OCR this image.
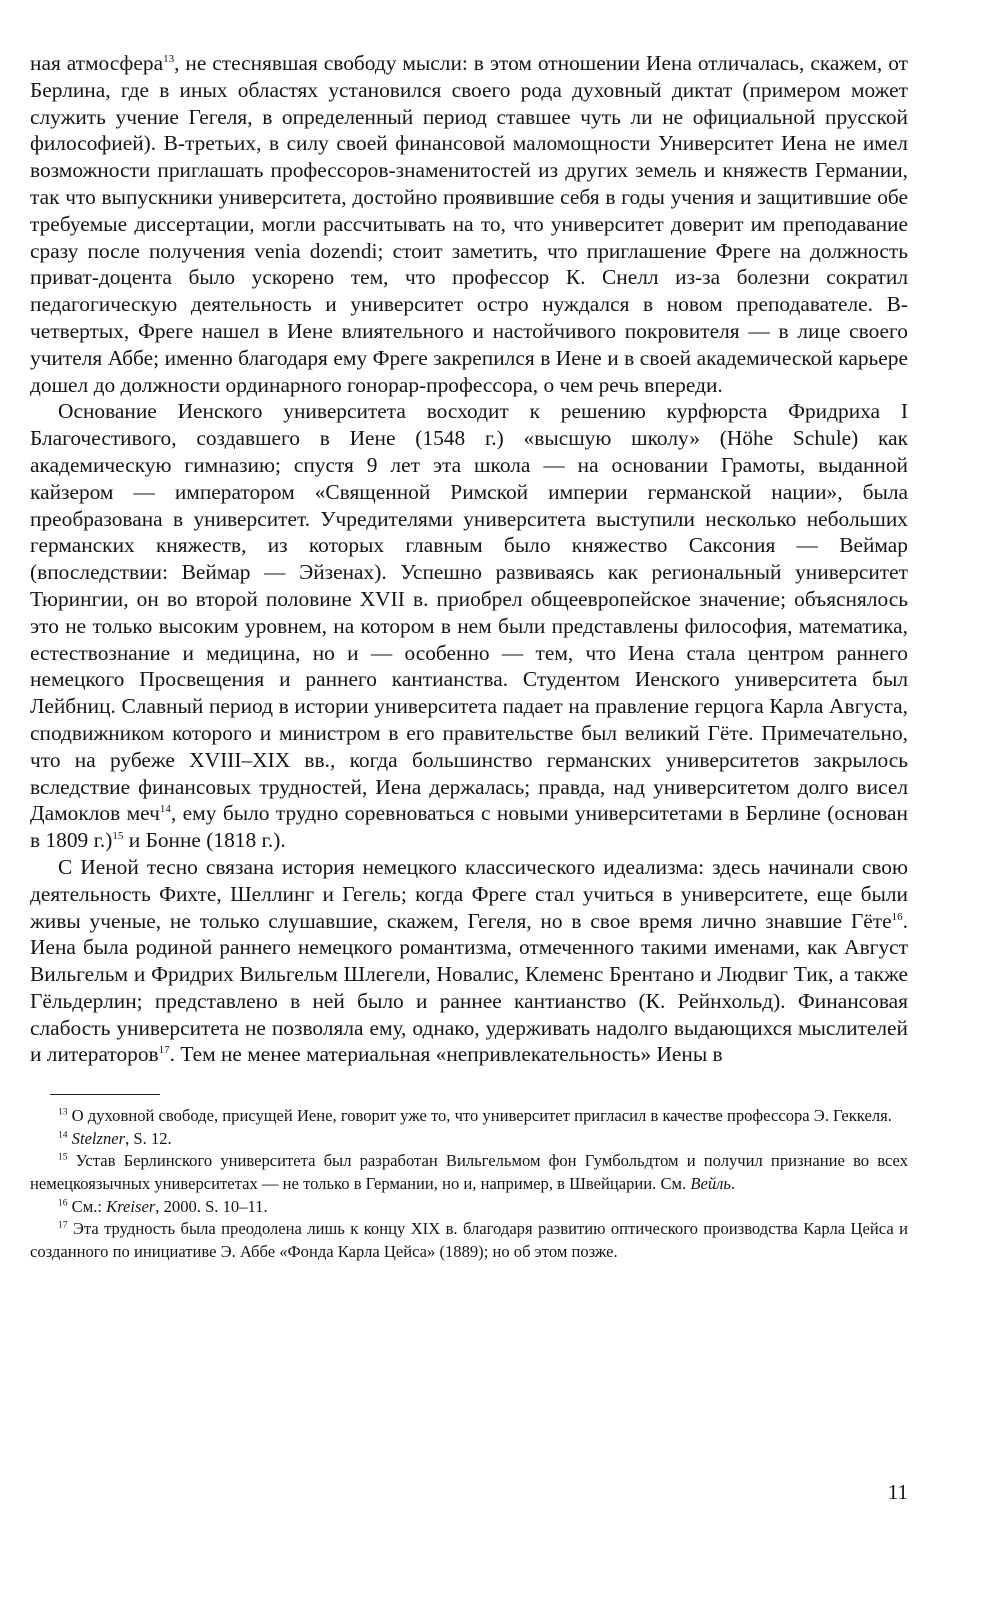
ная атмосфера$^{13}$, не стеснявшая свободу мысли: в этом отношении Иена отличалась, скажем, от Берлина, где в иных областях установился своего рода духовный диктат (примером может служить учение Гегеля, в определенный период ставшее чуть ли не официальной прусской философией). В-третьих, в силу своей финансовой маломощности Университет Иена не имел возможности приглашать профессоров-знаменитостей из других земель и княжеств Германии, так что выпускники университета, достойно проявившие себя в годы учения и защитившие обе требуемые диссертации, могли рассчитывать на то, что университет доверит им преподавание сразу после получения venia dozendi; стоит заметить, что приглашение Фреге на должность приват-доцента было ускорено тем, что профессор К. Снелл из-за болезни сократил педагогическую деятельность и университет остро нуждался в новом преподавателе. В-четвертых, Фреге нашел в Иене влиятельного и настойчивого покровителя — в лице своего учителя Аббе; именно благодаря ему Фреге закрепился в Иене и в своей академической карьере дошел до должности ординарного гонорар-профессора, о чем речь впереди.

Основание Иенского университета восходит к решению курфюрста Фридриха I Благочестивого, создавшего в Иене (1548 г.) «высшую школу» (Höhe Schule) как академическую гимназию; спустя 9 лет эта школа — на основании Грамоты, выданной кайзером — императором «Священной Римской империи германской нации», была преобразована в университет. Учредителями университета выступили несколько небольших германских княжеств, из которых главным было княжество Саксония — Веймар (впоследствии: Веймар — Эйзенах). Успешно развиваясь как региональный университет Тюрингии, он во второй половине XVII в. приобрел общеевропейское значение; объяснялось это не только высоким уровнем, на котором в нем были представлены философия, математика, естествознание и медицина, но и — особенно — тем, что Иена стала центром раннего немецкого Просвещения и раннего кантианства. Студентом Иенского университета был Лейбниц. Славный период в истории университета падает на правление герцога Карла Августа, сподвижником которого и министром в его правительстве был великий Гёте. Примечательно, что на рубеже XVIII–XIX вв., когда большинство германских университетов закрылось вследствие финансовых трудностей, Иена держалась; правда, над университетом долго висел Дамоклов меч$^{14}$, ему было трудно соревноваться с новыми университетами в Берлине (основан в 1809 г.)$^{15}$ и Бонне (1818 г.).

С Иеной тесно связана история немецкого классического идеализма: здесь начинали свою деятельность Фихте, Шеллинг и Гегель; когда Фреге стал учиться в университете, еще были живы ученые, не только слушавшие, скажем, Гегеля, но в свое время лично знавшие Гёте$^{16}$. Иена была родиной раннего немецкого романтизма, отмеченного такими именами, как Август Вильгельм и Фридрих Вильгельм Шлегели, Новалис, Клеменс Брентано и Людвиг Тик, а также Гёльдерлин; представлено в ней было и раннее кантианство (К. Рейнхольд). Финансовая слабость университета не позволяла ему, однако, удерживать надолго выдающихся мыслителей и литераторов$^{17}$. Тем не менее материальная «непривлекательность» Иены в

$^{13}$ О духовной свободе, присущей Иене, говорит уже то, что университет пригласил в качестве профессора Э. Геккеля.

$^{14}$ Stelzner, S. 12.

$^{15}$ Устав Берлинского университета был разработан Вильгельмом фон Гумбольдтом и получил признание во всех немецкоязычных университетах — не только в Германии, но и, например, в Швейцарии. См. Вейль.

$^{16}$ См.: Kreiser, 2000. S. 10–11.

$^{17}$ Эта трудность была преодолена лишь к концу XIX в. благодаря развитию оптического производства Карла Цейса и созданного по инициативе Э. Аббе «Фонда Карла Цейса» (1889); но об этом позже.

11
